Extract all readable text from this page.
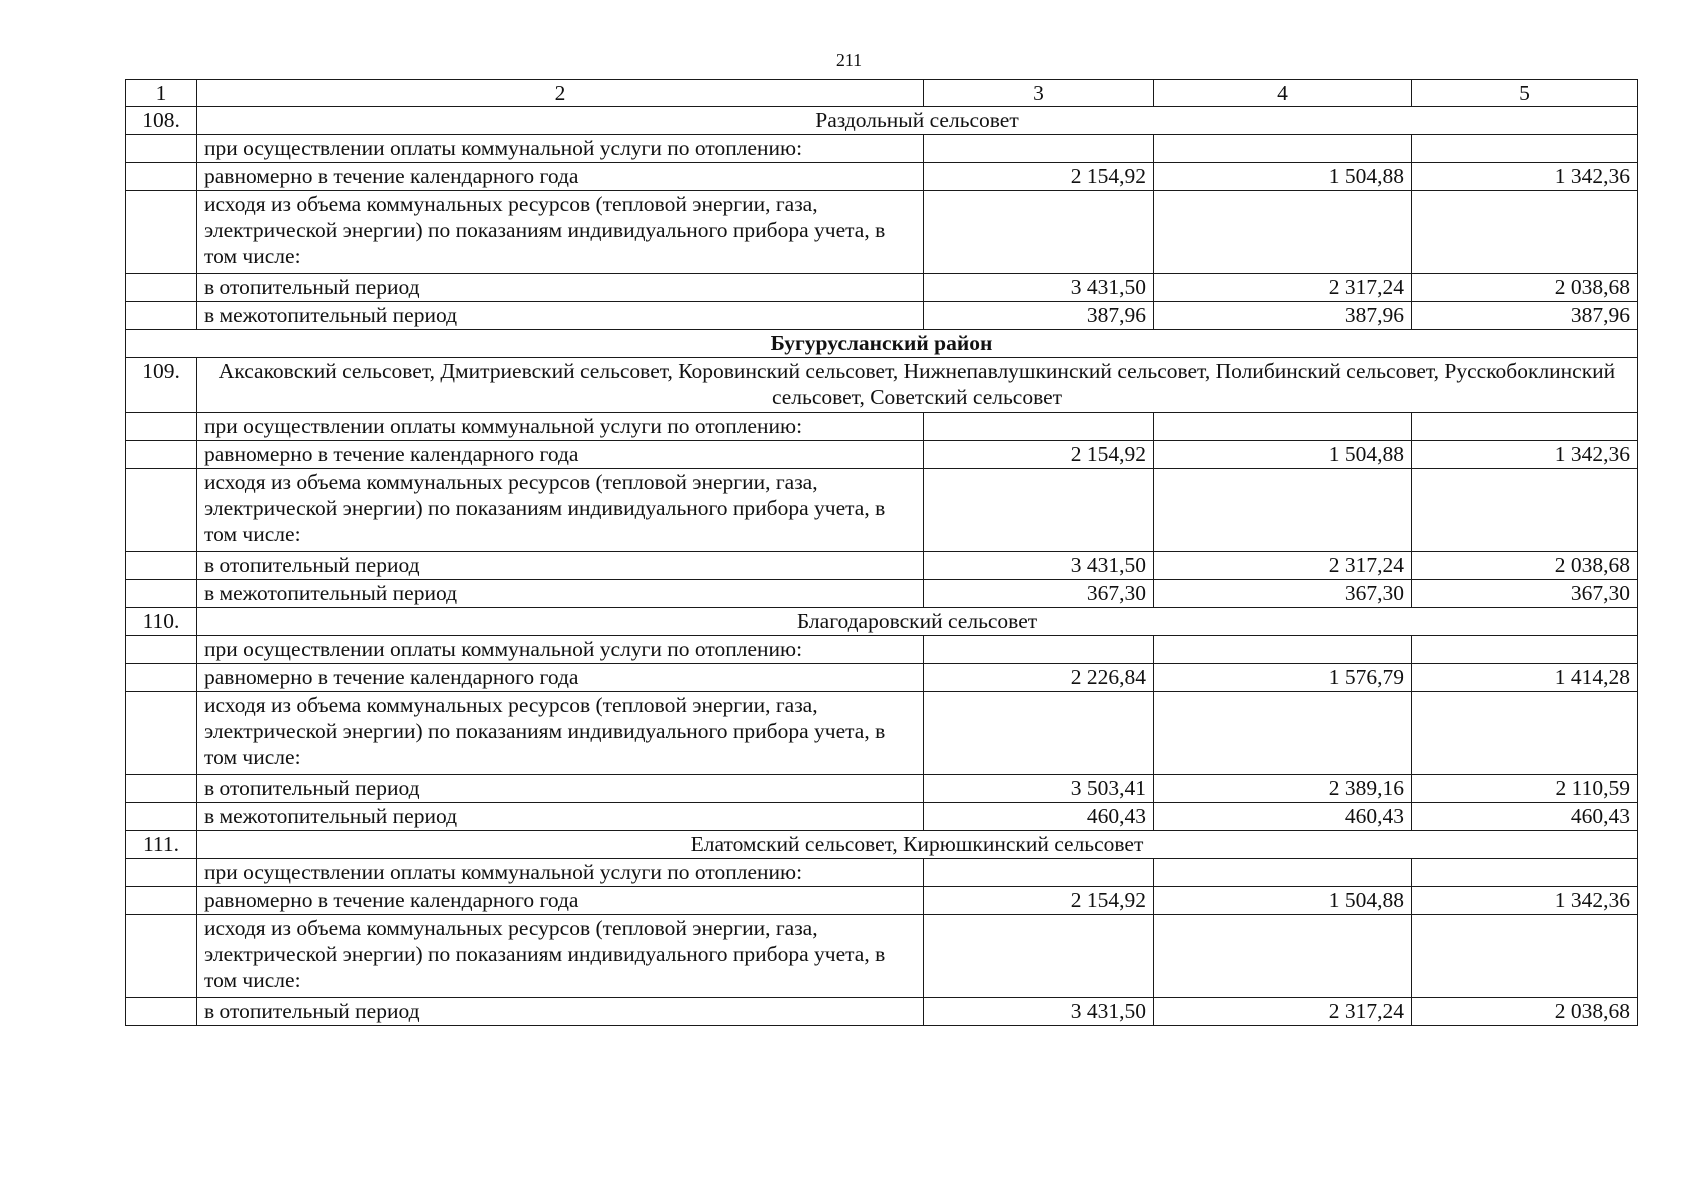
211
1	2	3	4	5
108.	Раздольный сельсовет			
	при осуществлении оплаты коммунальной услуги по отоплению:			
	равномерно в течение календарного года	2 154,92	1 504,88	1 342,36
	исходя из объема коммунальных ресурсов (тепловой энергии, газа, электрической энергии) по показаниям индивидуального прибора учета, в том числе:			
	в отопительный период	3 431,50	2 317,24	2 038,68
	в межотопительный период	387,96	387,96	387,96
Бугурусланский район				
109.	Аксаковский сельсовет, Дмитриевский сельсовет, Коровинский сельсовет, Нижнепавлушкинский сельсовет, Полибинский сельсовет, Русскобоклинский сельсовет, Советский сельсовет			
	при осуществлении оплаты коммунальной услуги по отоплению:			
	равномерно в течение календарного года	2 154,92	1 504,88	1 342,36
	исходя из объема коммунальных ресурсов (тепловой энергии, газа, электрической энергии) по показаниям индивидуального прибора учета, в том числе:			
	в отопительный период	3 431,50	2 317,24	2 038,68
	в межотопительный период	367,30	367,30	367,30
110.	Благодаровский сельсовет			
	при осуществлении оплаты коммунальной услуги по отоплению:			
	равномерно в течение календарного года	2 226,84	1 576,79	1 414,28
	исходя из объема коммунальных ресурсов (тепловой энергии, газа, электрической энергии) по показаниям индивидуального прибора учета, в том числе:			
	в отопительный период	3 503,41	2 389,16	2 110,59
	в межотопительный период	460,43	460,43	460,43
111.	Елатомский сельсовет, Кирюшкинский сельсовет			
	при осуществлении оплаты коммунальной услуги по отоплению:			
	равномерно в течение календарного года	2 154,92	1 504,88	1 342,36
	исходя из объема коммунальных ресурсов (тепловой энергии, газа, электрической энергии) по показаниям индивидуального прибора учета, в том числе:			
	в отопительный период	3 431,50	2 317,24	2 038,68
